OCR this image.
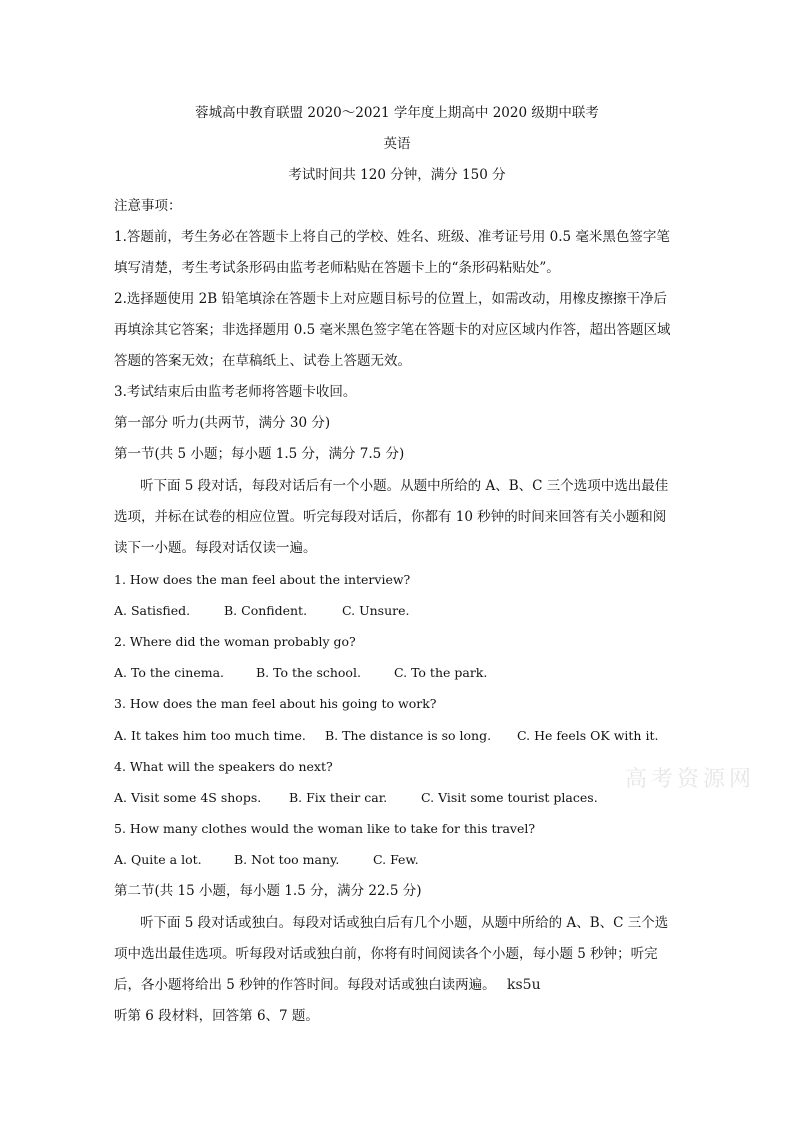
蓉城高中教育联盟 2020～2021 学年度上期高中 2020 级期中联考
英语
考试时间共 120 分钟，满分 150 分
注意事项：
1.答题前，考生务必在答题卡上将自己的学校、姓名、班级、准考证号用 0.5 毫米黑色签字笔
填写清楚，考生考试条形码由监考老师粘贴在答题卡上的“条形码粘贴处”。
2.选择题使用 2B 铅笔填涂在答题卡上对应题目标号的位置上，如需改动，用橡皮擦擦干净后
再填涂其它答案；非选择题用 0.5 毫米黑色签字笔在答题卡的对应区域内作答，超出答题区域
答题的答案无效；在草稿纸上、试卷上答题无效。
3.考试结束后由监考老师将答题卡收回。
第一部分 听力(共两节，满分 30 分)
第一节(共 5 小题；每小题 1.5 分，满分 7.5 分)
听下面 5 段对话，每段对话后有一个小题。从题中所给的 A、B、C 三个选项中选出最佳
选项，并标在试卷的相应位置。听完每段对话后，你都有 10 秒钟的时间来回答有关小题和阅
读下一小题。每段对话仅读一遍。
1. How does the man feel about the interview?
A. Satisfied.	B. Confident.	C. Unsure.
2. Where did the woman probably go?
A. To the cinema.	B. To the school.	C. To the park.
3. How does the man feel about his going to work?
A. It takes him too much time. B. The distance is so long. C. He feels OK with it.
4. What will the speakers do next?
A. Visit some 4S shops. B. Fix their car.	C. Visit some tourist places.
5. How many clothes would the woman like to take for this travel?
A. Quite a lot.	B. Not too many.	C. Few.
第二节(共 15 小题，每小题 1.5 分，满分 22.5 分)
听下面 5 段对话或独白。每段对话或独白后有几个小题，从题中所给的 A、B、C 三个选
项中选出最佳选项。听每段对话或独白前，你将有时间阅读各个小题，每小题 5 秒钟；听完
后，各小题将给出 5 秒钟的作答时间。每段对话或独白读两遍。 ks5u
听第 6 段材料，回答第 6、7 题。
高考资源网
